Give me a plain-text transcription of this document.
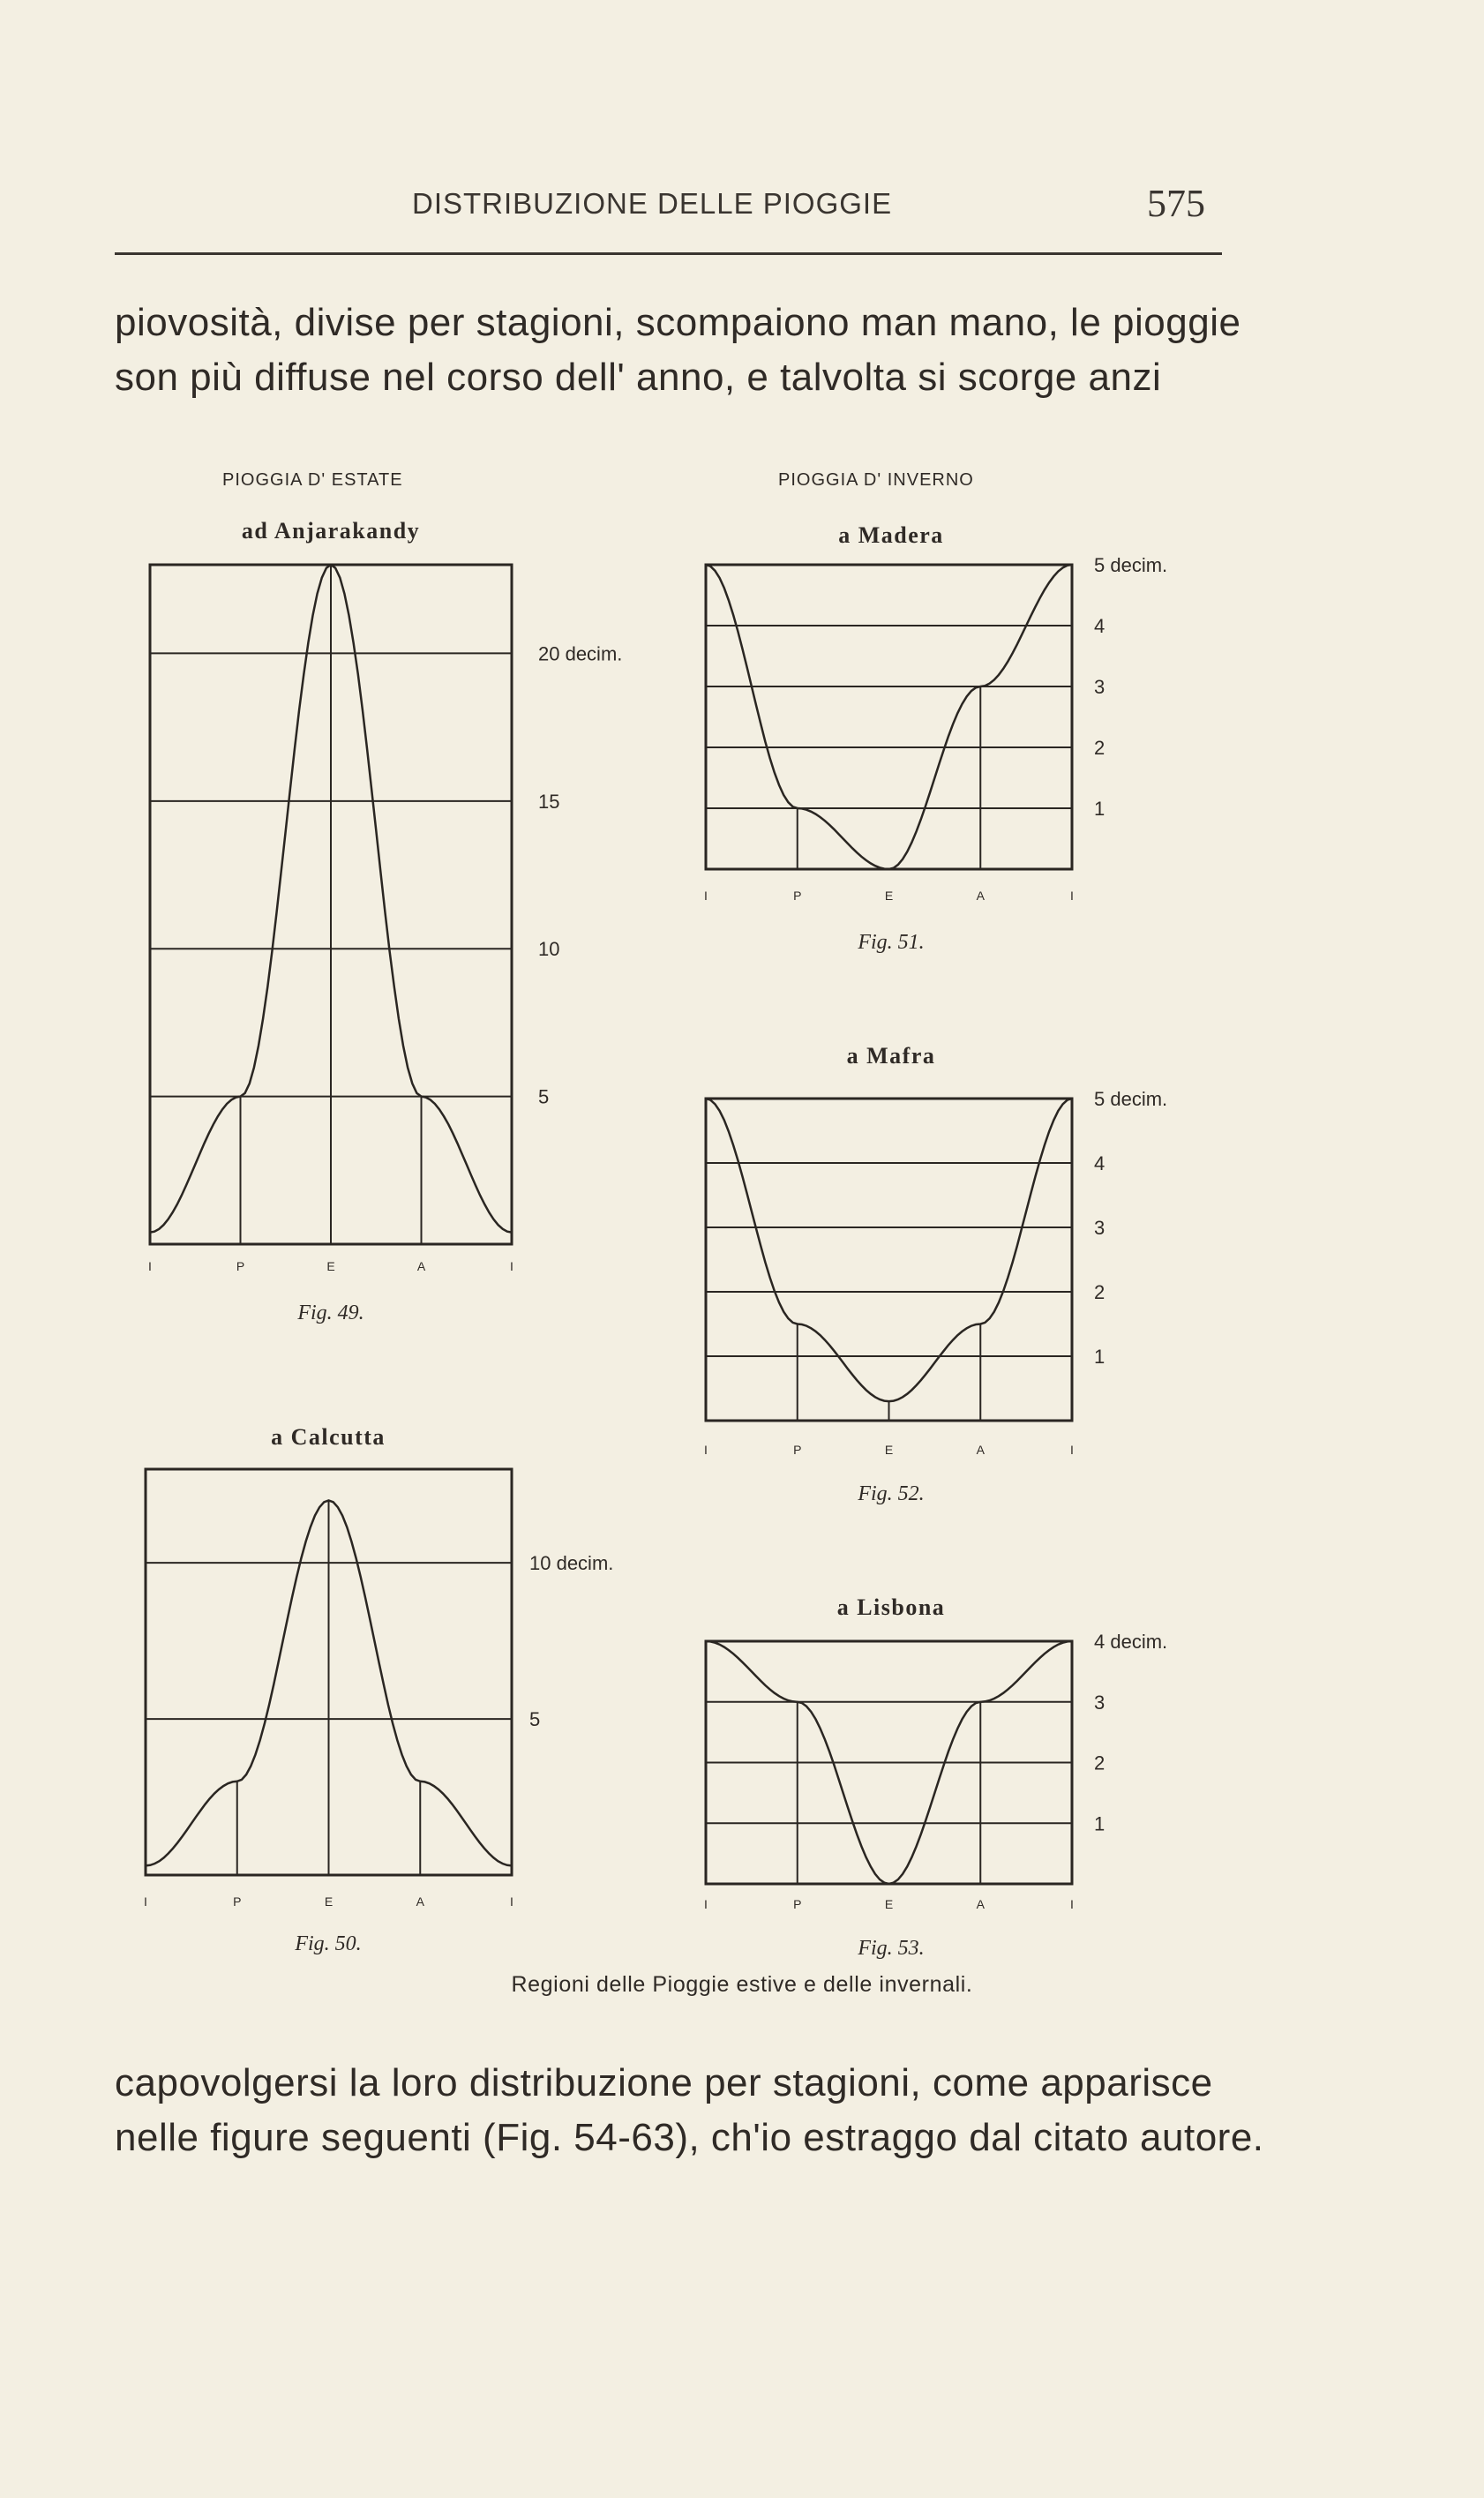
DISTRIBUZIONE DELLE PIOGGIE	575
piovosità, divise per stagioni, scompaiono man mano, le pioggie
son più diffuse nel corso dell' anno, e talvolta si scorge anzi
PIOGGIA D' ESTATE	PIOGGIA D' INVERNO
ad Anjarakandy
20 decim.
15
10
5
I	P	E	A	I
Fig. 49.
a Calcutta
10 decim.
5
I	P	E	A	I
Fig. 50.
a Madera
5 decim.
4
3
2
1
I	P	E	A	I
Fig. 51.
a Mafra
5 decim.
4
3
2
1
I	P	E	A	I
Fig. 52.
a Lisbona
4 decim.
3
2
1
I	P	E	A	I
Fig. 53.
Regioni delle Pioggie estive e delle invernali.
capovolgersi la loro distribuzione per stagioni, come apparisce
nelle figure seguenti (Fig. 54-63), ch'io estraggo dal citato autore.
